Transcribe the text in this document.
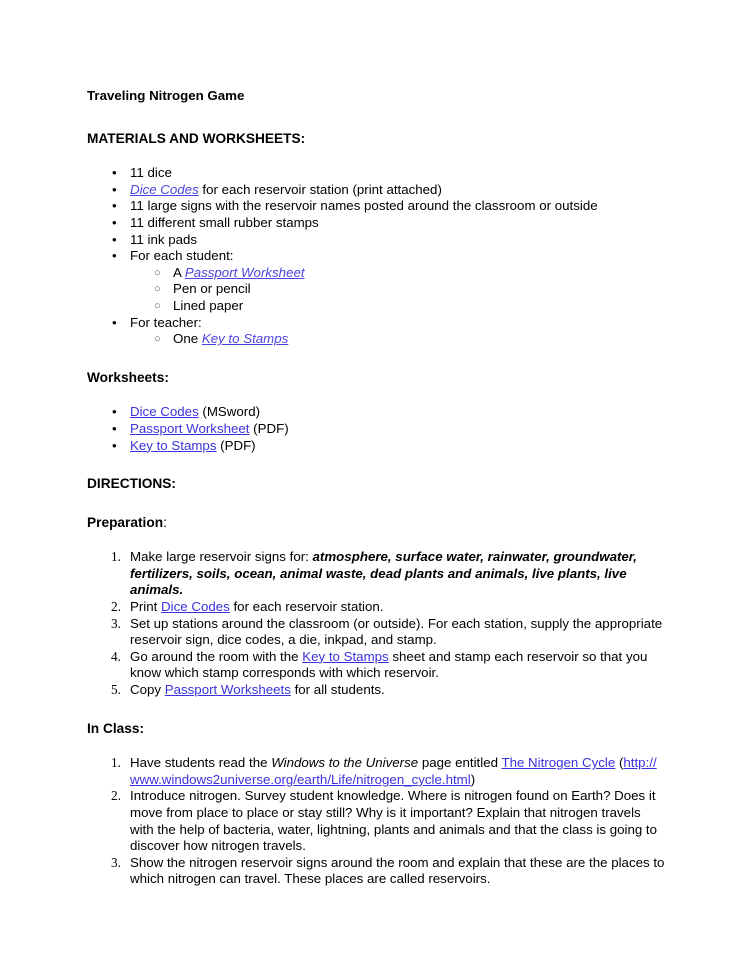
Traveling Nitrogen Game
MATERIALS AND WORKSHEETS:
• 11 dice
• Dice Codes for each reservoir station (print attached)
• 11 large signs with the reservoir names posted around the classroom or outside
• 11 different small rubber stamps
• 11 ink pads
• For each student:
○ A Passport Worksheet
○ Pen or pencil
○ Lined paper
• For teacher:
○ One Key to Stamps
Worksheets:
• Dice Codes (MSword)
• Passport Worksheet (PDF)
• Key to Stamps (PDF)
DIRECTIONS:
Preparation:
1. Make large reservoir signs for: atmosphere, surface water, rainwater, groundwater, fertilizers, soils, ocean, animal waste, dead plants and animals, live plants, live animals.
2. Print Dice Codes for each reservoir station.
3. Set up stations around the classroom (or outside). For each station, supply the appropriate reservoir sign, dice codes, a die, inkpad, and stamp.
4. Go around the room with the Key to Stamps sheet and stamp each reservoir so that you know which stamp corresponds with which reservoir.
5. Copy Passport Worksheets for all students.
In Class:
1. Have students read the Windows to the Universe page entitled The Nitrogen Cycle (http://www.windows2universe.org/earth/Life/nitrogen_cycle.html)
2. Introduce nitrogen. Survey student knowledge. Where is nitrogen found on Earth? Does it move from place to place or stay still? Why is it important? Explain that nitrogen travels with the help of bacteria, water, lightning, plants and animals and that the class is going to discover how nitrogen travels.
3. Show the nitrogen reservoir signs around the room and explain that these are the places to which nitrogen can travel. These places are called reservoirs.
